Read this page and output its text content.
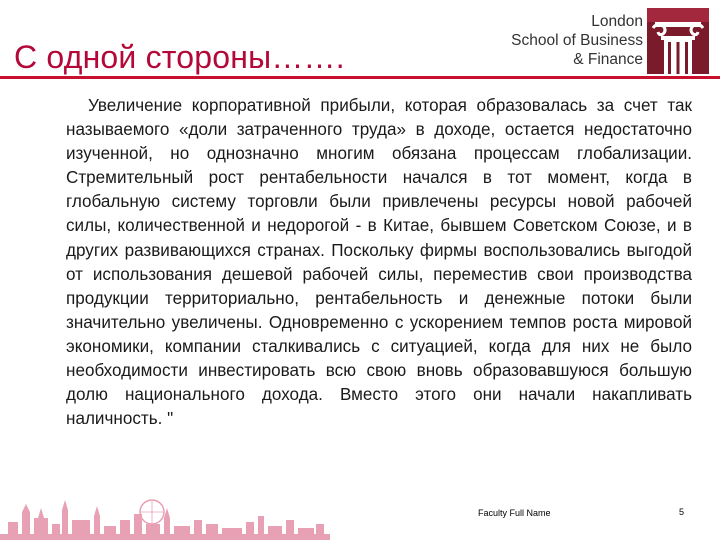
С одной стороны…….
London
School of Business
& Finance

Увеличение корпоративной прибыли, которая образовалась за счет так называемого «доли затраченного труда» в доходе, остается недостаточно изученной, но однозначно многим обязана процессам глобализации. Стремительный рост рентабельности начался в тот момент, когда в глобальную систему торговли были привлечены ресурсы новой рабочей силы, количественной и недорогой - в Китае, бывшем Советском Союзе, и в других развивающихся странах. Поскольку фирмы воспользовались выгодой от использования дешевой рабочей силы, переместив свои производства продукции территориально, рентабельность и денежные потоки были значительно увеличены. Одновременно с ускорением темпов роста мировой экономики, компании сталкивались с ситуацией, когда для них не было необходимости инвестировать всю свою вновь образовавшуюся большую долю национального дохода. Вместо этого они начали накапливать наличность. "

Faculty Full Name	5
